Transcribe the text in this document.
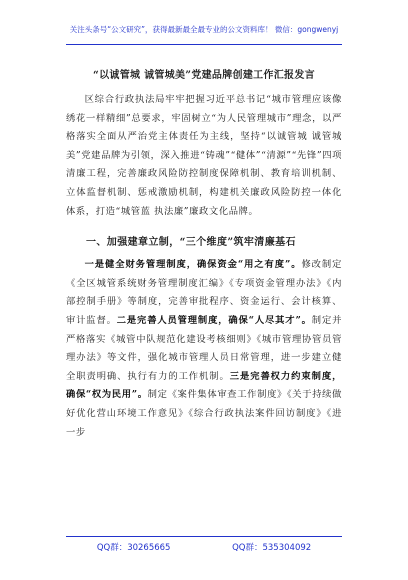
关注头条号“公文研究”，获得最新最全最专业的公文资料库！ 微信：gongwenyj
“以诚管城 诚管城美”党建品牌创建工作汇报发言

区综合行政执法局牢牢把握习近平总书记“城市管理应该像绣花一样精细”总要求，牢固树立“为人民管理城市”理念，以严格落实全面从严治党主体责任为主线，坚持“以诚管城 诚管城美”党建品牌为引领，深入推进“铸魂”“健体”“清源”“先锋”四项清廉工程，完善廉政风险防控制度保障机制、教育培训机制、立体监督机制、惩戒激励机制，构建机关廉政风险防控一体化体系，打造“城管蓝 执法廉”廉政文化品牌。

一、加强建章立制，“三个维度”筑牢清廉基石

一是健全财务管理制度，确保资金“用之有度”。修改制定《全区城管系统财务管理制度汇编》《专项资金管理办法》《内部控制手册》等制度，完善审批程序、资金运行、会计核算、审计监督。二是完善人员管理制度，确保“人尽其才”。制定并严格落实《城管中队规范化建设考核细则》《城市管理协管员管理办法》等文件，强化城市管理人员日常管理，进一步建立健全职责明确、执行有力的工作机制。三是完善权力约束制度，确保“权为民用”。制定《案件集体审查工作制度》《关于持续做好优化营山环境工作意见》《综合行政执法案件回访制度》《进一步

QQ群：30265665	QQ群：535304092
